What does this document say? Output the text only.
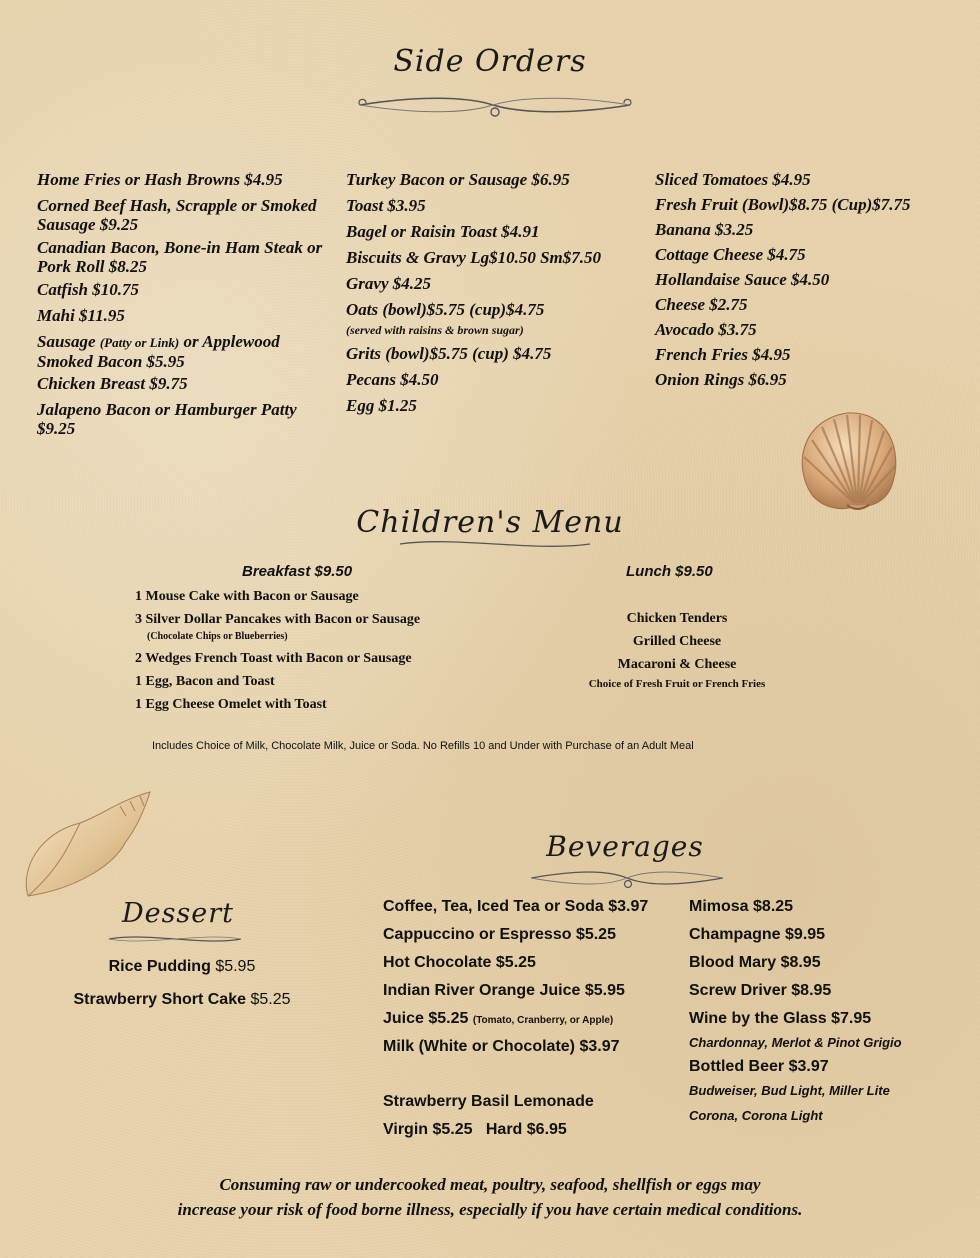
Side Orders
Home Fries or Hash Browns $4.95
Corned Beef Hash, Scrapple or Smoked Sausage $9.25
Canadian Bacon, Bone-in Ham Steak or Pork Roll $8.25
Catfish $10.75
Mahi $11.95
Sausage (Patty or Link) or Applewood Smoked Bacon $5.95
Chicken Breast $9.75
Jalapeno Bacon or Hamburger Patty $9.25
Turkey Bacon or Sausage $6.95
Toast $3.95
Bagel or Raisin Toast $4.91
Biscuits & Gravy Lg$10.50 Sm$7.50
Gravy $4.25
Oats (bowl)$5.75 (cup)$4.75
(served with raisins & brown sugar)
Grits (bowl)$5.75 (cup) $4.75
Pecans $4.50
Egg $1.25
Sliced Tomatoes $4.95
Fresh Fruit (Bowl)$8.75 (Cup)$7.75
Banana $3.25
Cottage Cheese $4.75
Hollandaise Sauce $4.50
Cheese $2.75
Avocado $3.75
French Fries $4.95
Onion Rings $6.95
Children's Menu
Breakfast $9.50
1 Mouse Cake with Bacon or Sausage
3 Silver Dollar Pancakes with Bacon or Sausage
(Chocolate Chips or Blueberries)
2 Wedges French Toast with Bacon or Sausage
1 Egg, Bacon and Toast
1 Egg Cheese Omelet with Toast
Lunch $9.50
Chicken Tenders
Grilled Cheese
Macaroni & Cheese
Choice of Fresh Fruit or French Fries
Includes Choice of Milk, Chocolate Milk, Juice or Soda. No Refills 10 and Under with Purchase of an Adult Meal
Dessert
Rice Pudding $5.95
Strawberry Short Cake $5.25
Beverages
Coffee, Tea, Iced Tea or Soda $3.97
Cappuccino or Espresso $5.25
Hot Chocolate $5.25
Indian River Orange Juice $5.95
Juice $5.25 (Tomato, Cranberry, or Apple)
Milk (White or Chocolate) $3.97
Strawberry Basil Lemonade
Virgin $5.25   Hard $6.95
Mimosa $8.25
Champagne $9.95
Blood Mary $8.95
Screw Driver $8.95
Wine by the Glass $7.95
Chardonnay, Merlot & Pinot Grigio
Bottled Beer $3.97
Budweiser, Bud Light, Miller Lite
Corona, Corona Light
Consuming raw or undercooked meat, poultry, seafood, shellfish or eggs may
increase your risk of food borne illness, especially if you have certain medical conditions.
